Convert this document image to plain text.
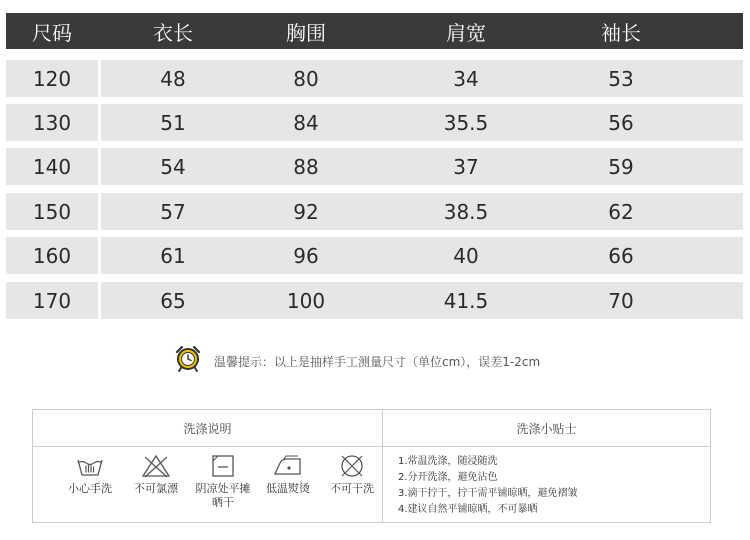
尺码	衣长	胸围	肩宽	袖长
120	48	80	34	53
130	51	84	35.5	56
140	54	88	37	59
150	57	92	38.5	62
160	61	96	40	66
170	65	100	41.5	70
温馨提示：以上是抽样手工测量尺寸（单位cm），误差1-2cm
洗涤说明	洗涤小贴士
小心手洗	不可氯漂	阴凉处平摊晒干
低温熨烫	不可干洗
1.常温洗涤，随浸随洗
2.分开洗涤，避免沾色
3.滴干拧干，拧干需平铺晾晒，避免褶皱
4.建议自然平铺晾晒，不可暴晒
